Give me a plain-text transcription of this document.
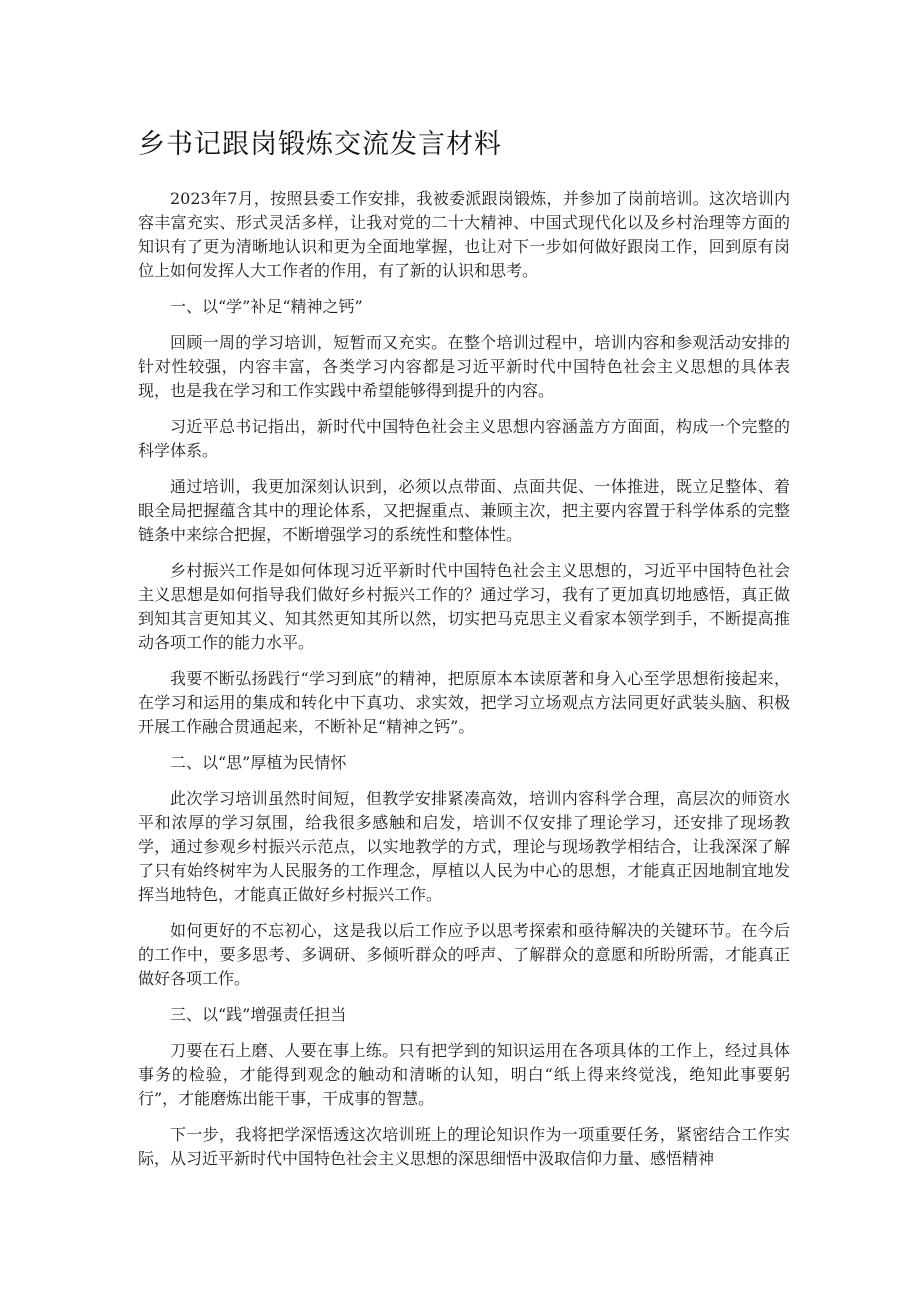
乡书记跟岗锻炼交流发言材料

2023年7月，按照县委工作安排，我被委派跟岗锻炼，并参加了岗前培训。这次培训内容丰富充实、形式灵活多样，让我对党的二十大精神、中国式现代化以及乡村治理等方面的知识有了更为清晰地认识和更为全面地掌握，也让对下一步如何做好跟岗工作，回到原有岗位上如何发挥人大工作者的作用，有了新的认识和思考。

一、以“学”补足“精神之钙”

回顾一周的学习培训，短暂而又充实。在整个培训过程中，培训内容和参观活动安排的针对性较强，内容丰富，各类学习内容都是习近平新时代中国特色社会主义思想的具体表现，也是我在学习和工作实践中希望能够得到提升的内容。

习近平总书记指出，新时代中国特色社会主义思想内容涵盖方方面面，构成一个完整的科学体系。

通过培训，我更加深刻认识到，必须以点带面、点面共促、一体推进，既立足整体、着眼全局把握蕴含其中的理论体系，又把握重点、兼顾主次，把主要内容置于科学体系的完整链条中来综合把握，不断增强学习的系统性和整体性。

乡村振兴工作是如何体现习近平新时代中国特色社会主义思想的，习近平中国特色社会主义思想是如何指导我们做好乡村振兴工作的？通过学习，我有了更加真切地感悟，真正做到知其言更知其义、知其然更知其所以然，切实把马克思主义看家本领学到手，不断提高推动各项工作的能力水平。

我要不断弘扬践行“学习到底”的精神，把原原本本读原著和身入心至学思想衔接起来，在学习和运用的集成和转化中下真功、求实效，把学习立场观点方法同更好武装头脑、积极开展工作融合贯通起来，不断补足“精神之钙”。

二、以“思”厚植为民情怀

此次学习培训虽然时间短，但教学安排紧凑高效，培训内容科学合理，高层次的师资水平和浓厚的学习氛围，给我很多感触和启发，培训不仅安排了理论学习，还安排了现场教学，通过参观乡村振兴示范点，以实地教学的方式，理论与现场教学相结合，让我深深了解了只有始终树牢为人民服务的工作理念，厚植以人民为中心的思想，才能真正因地制宜地发挥当地特色，才能真正做好乡村振兴工作。

如何更好的不忘初心，这是我以后工作应予以思考探索和亟待解决的关键环节。在今后的工作中，要多思考、多调研、多倾听群众的呼声、了解群众的意愿和所盼所需，才能真正做好各项工作。

三、以“践”增强责任担当

刀要在石上磨、人要在事上练。只有把学到的知识运用在各项具体的工作上，经过具体事务的检验，才能得到观念的触动和清晰的认知，明白“纸上得来终觉浅，绝知此事要躬行”，才能磨炼出能干事，干成事的智慧。

下一步，我将把学深悟透这次培训班上的理论知识作为一项重要任务，紧密结合工作实际，从习近平新时代中国特色社会主义思想的深思细悟中汲取信仰力量、感悟精神
